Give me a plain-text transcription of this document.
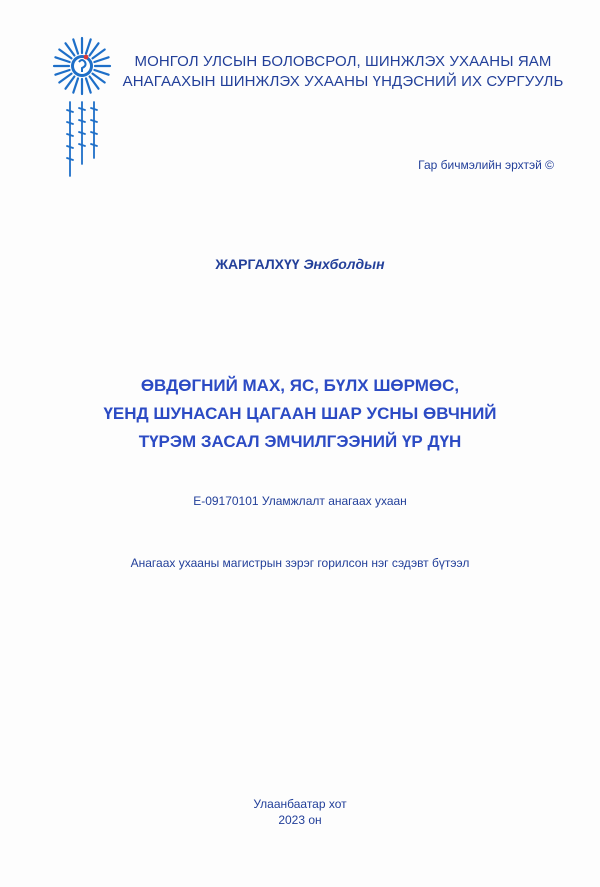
МОНГОЛ УЛСЫН БОЛОВСРОЛ, ШИНЖЛЭХ УХААНЫ ЯАМ
АНАГААХЫН ШИНЖЛЭХ УХААНЫ ҮНДЭСНИЙ ИХ СУРГУУЛЬ
Гар бичмэлийн эрхтэй ©
ЖАРГАЛХҮҮ Энхболдын
ӨВДӨГНИЙ МАХ, ЯС, БҮЛХ ШӨРМӨС,
ҮЕНД ШУНАСАН ЦАГААН ШАР УСНЫ ӨВЧНИЙ
ТҮРЭМ ЗАСАЛ ЭМЧИЛГЭЭНИЙ ҮР ДҮН
E-09170101 Уламжлалт анагаах ухаан
Анагаах ухааны магистрын зэрэг горилсон нэг сэдэвт бүтээл
Улаанбаатар хот
2023 он
